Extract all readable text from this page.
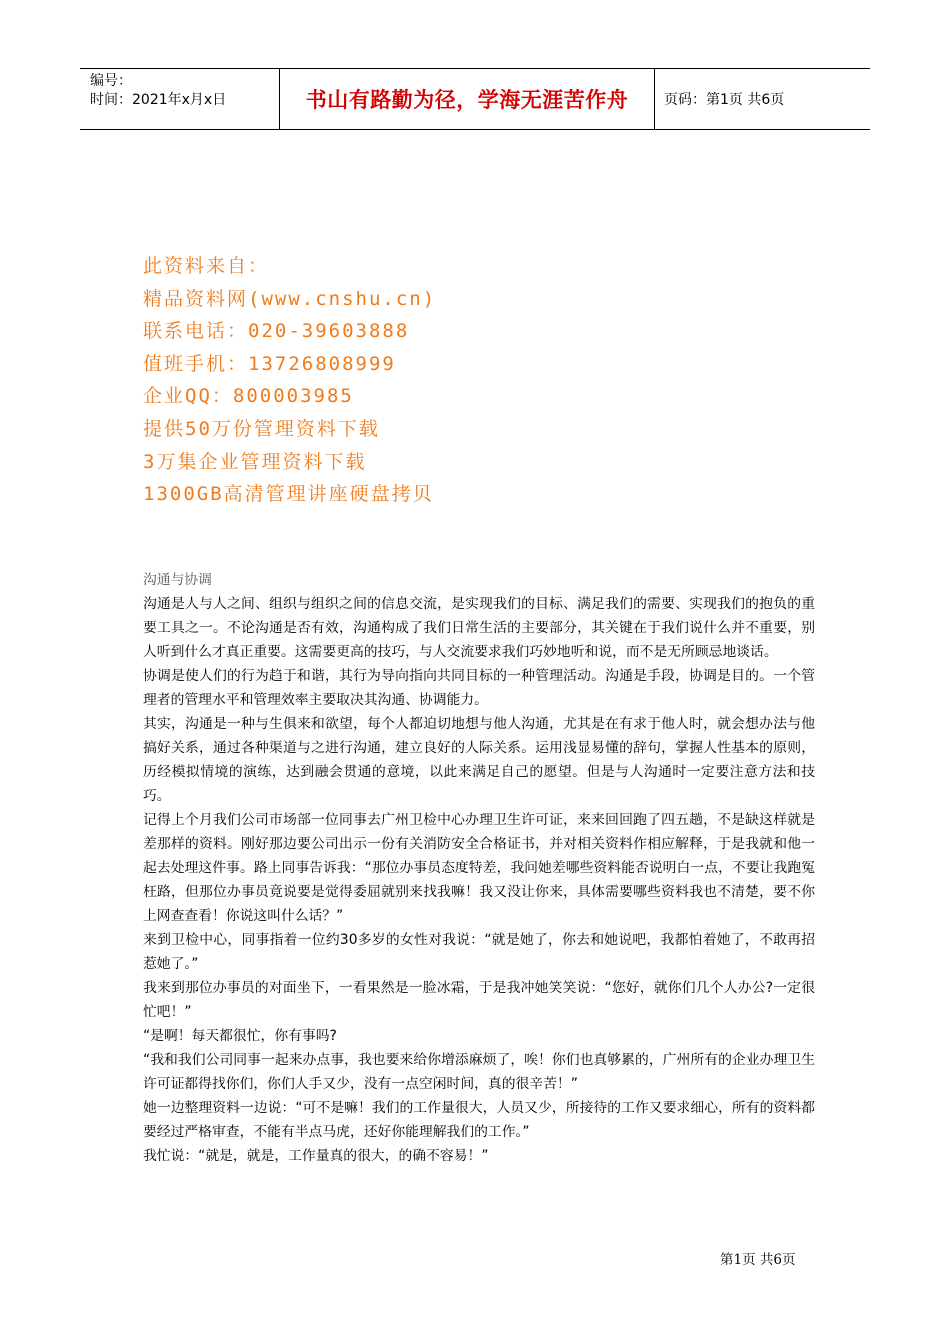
编号：
时间：2021年x月x日	书山有路勤为径，学海无涯苦作舟	页码：第1页 共6页
此资料来自：
精品资料网(www.cnshu.cn)
联系电话：020-39603888
值班手机：13726808999
企业QQ：800003985
提供50万份管理资料下载
3万集企业管理资料下载
1300GB高清管理讲座硬盘拷贝
沟通与协调

沟通是人与人之间、组织与组织之间的信息交流，是实现我们的目标、满足我们的需要、实现我们的抱负的重要工具之一。不论沟通是否有效，沟通构成了我们日常生活的主要部分，其关键在于我们说什么并不重要，别人听到什么才真正重要。这需要更高的技巧，与人交流要求我们巧妙地听和说，而不是无所顾忌地谈话。

协调是使人们的行为趋于和谐，其行为导向指向共同目标的一种管理活动。沟通是手段，协调是目的。一个管理者的管理水平和管理效率主要取决其沟通、协调能力。

其实，沟通是一种与生俱来和欲望，每个人都迫切地想与他人沟通，尤其是在有求于他人时，就会想办法与他搞好关系，通过各种渠道与之进行沟通，建立良好的人际关系。运用浅显易懂的辞句，掌握人性基本的原则，历经模拟情境的演练，达到融会贯通的意境，以此来满足自己的愿望。但是与人沟通时一定要注意方法和技巧。

记得上个月我们公司市场部一位同事去广州卫检中心办理卫生许可证，来来回回跑了四五趟，不是缺这样就是差那样的资料。刚好那边要公司出示一份有关消防安全合格证书，并对相关资料作相应解释，于是我就和他一起去处理这件事。路上同事告诉我：“那位办事员态度特差，我问她差哪些资料能否说明白一点，不要让我跑冤枉路，但那位办事员竟说要是觉得委屈就别来找我嘛！我又没让你来，具体需要哪些资料我也不清楚，要不你上网查查看！你说这叫什么话？”

来到卫检中心，同事指着一位约30多岁的女性对我说：“就是她了，你去和她说吧，我都怕着她了，不敢再招惹她了。”

我来到那位办事员的对面坐下，一看果然是一脸冰霜，于是我冲她笑笑说：“您好，就你们几个人办公?一定很忙吧！”

“是啊！每天都很忙，你有事吗?

“我和我们公司同事一起来办点事，我也要来给你增添麻烦了，唉！你们也真够累的，广州所有的企业办理卫生许可证都得找你们，你们人手又少，没有一点空闲时间，真的很辛苦！”

她一边整理资料一边说：“可不是嘛！我们的工作量很大，人员又少，所接待的工作又要求细心，所有的资料都要经过严格审查，不能有半点马虎，还好你能理解我们的工作。”

我忙说：“就是，就是，工作量真的很大，的确不容易！”

第1页 共6页
